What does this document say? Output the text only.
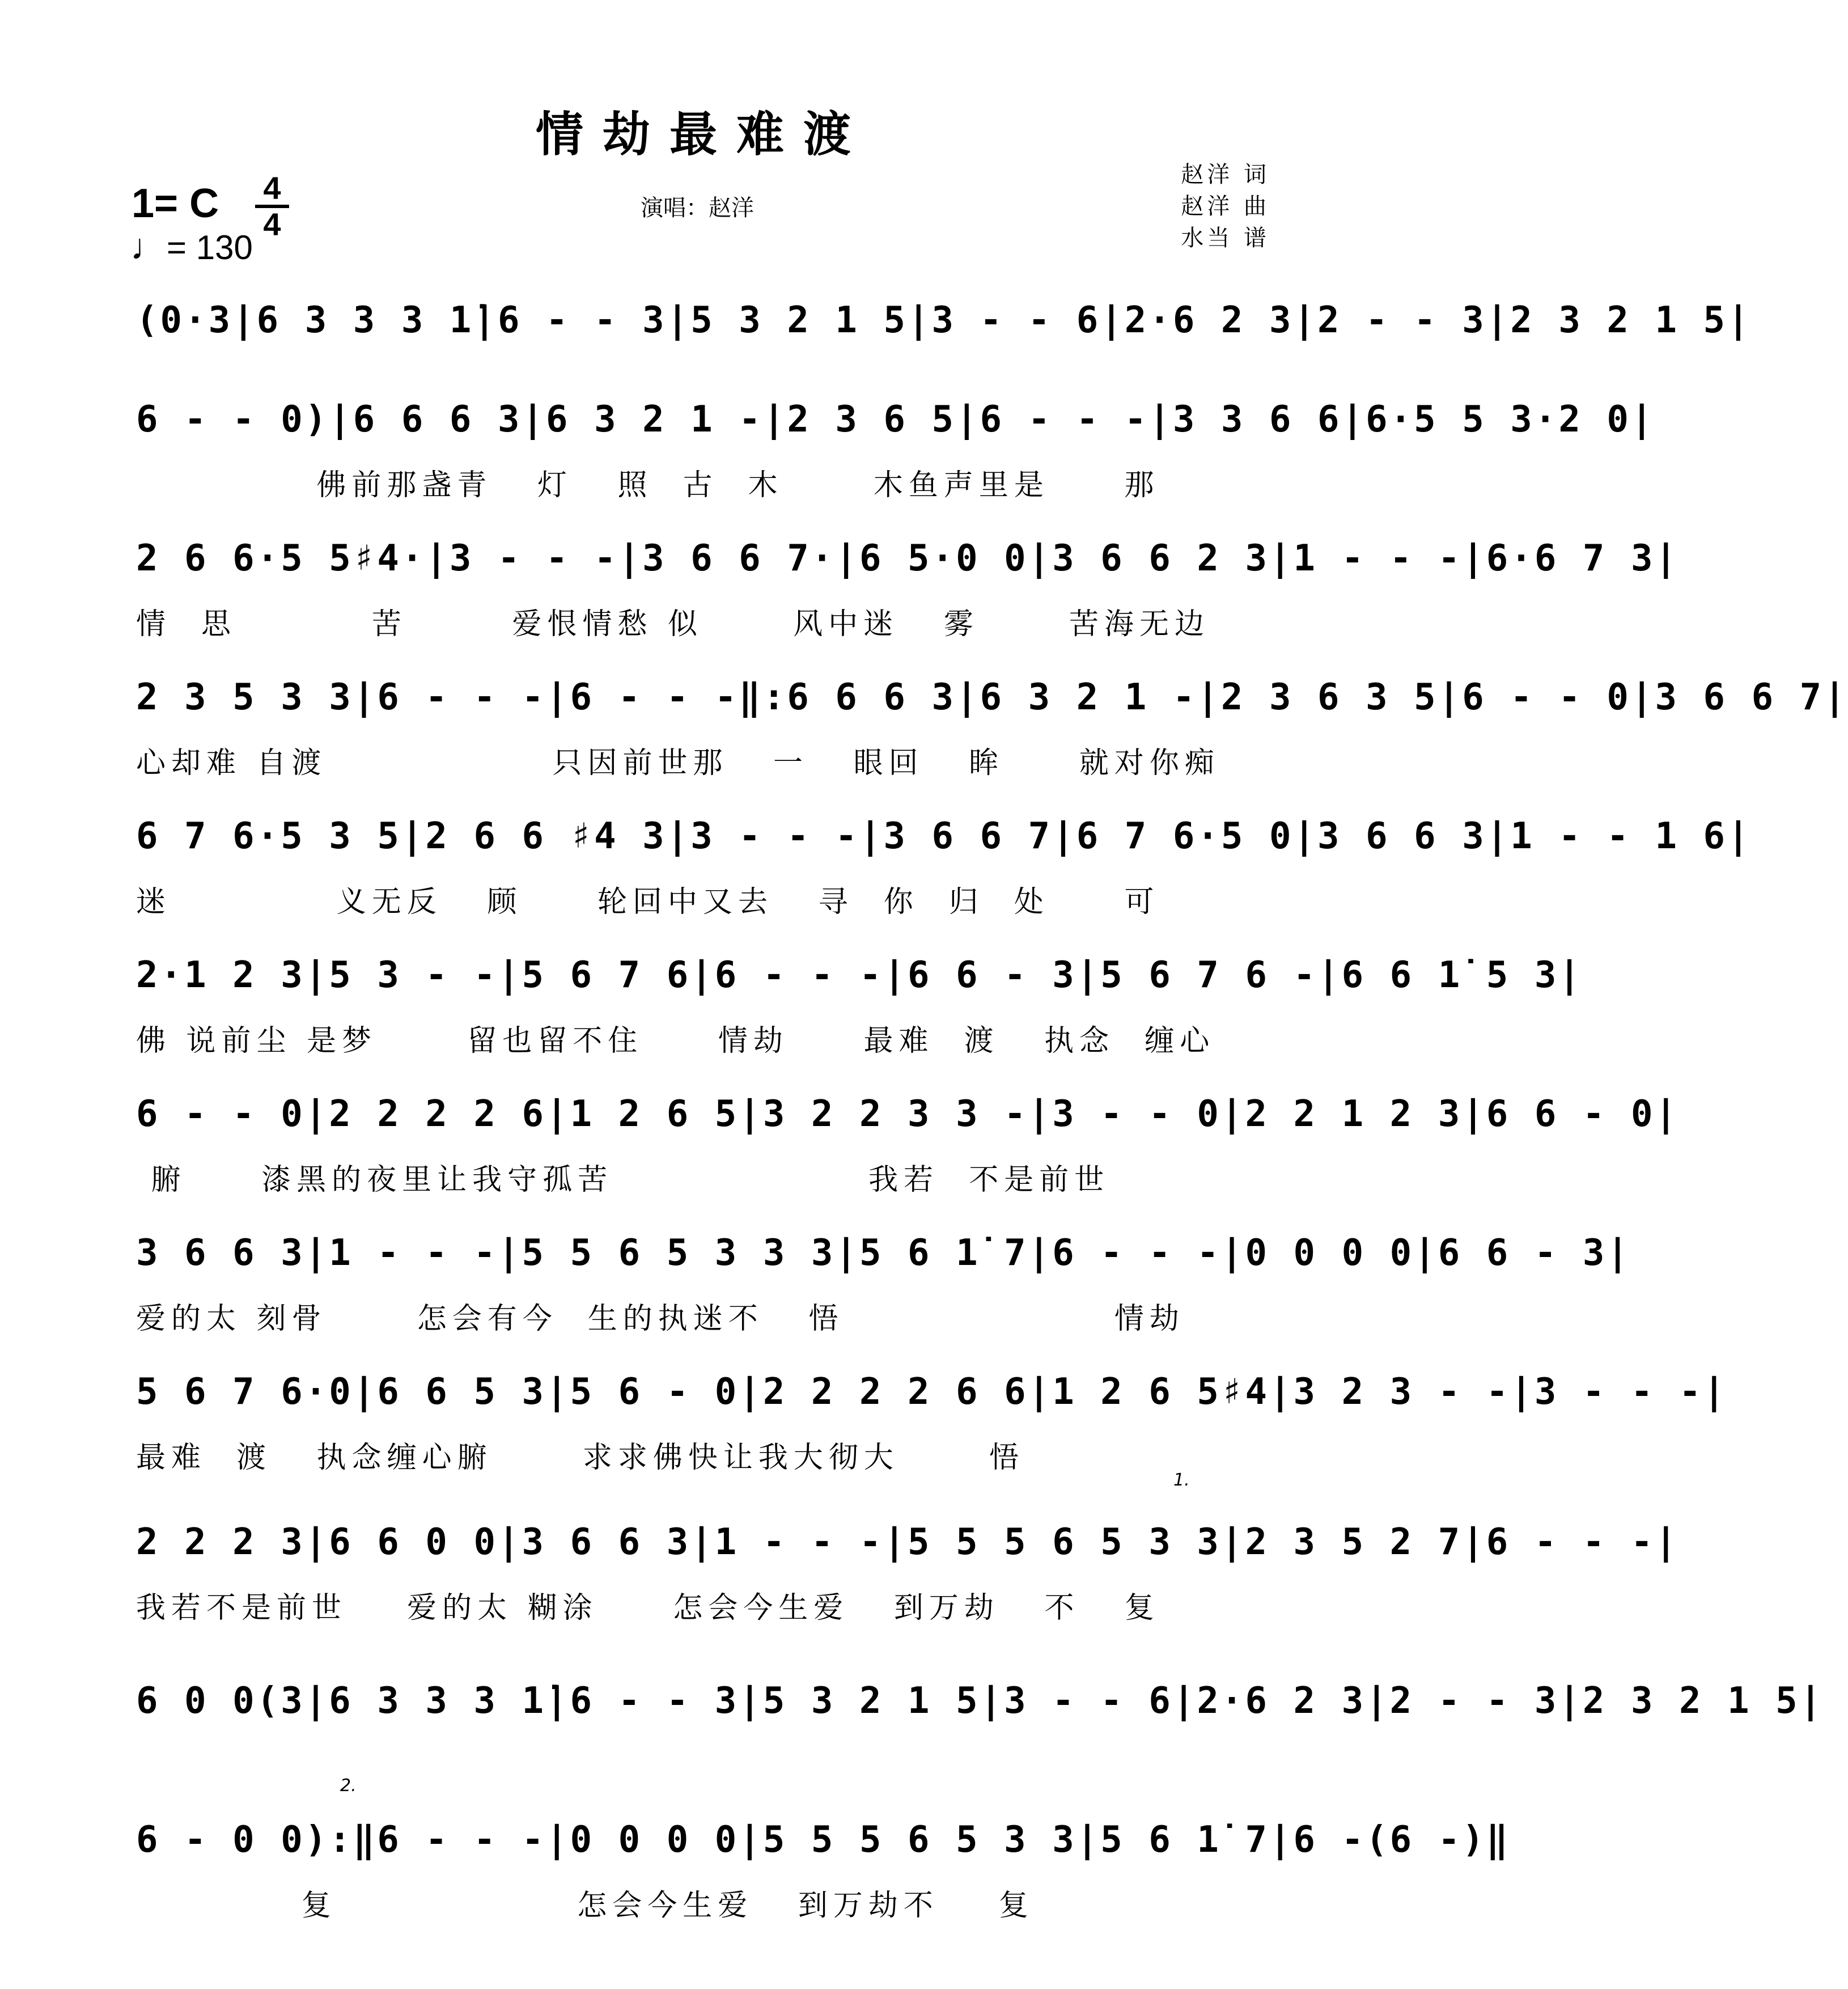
情劫最难渡
1= C 4
4
♩= 130
演唱：赵洋
赵洋 词
赵洋 曲
水当 谱
(0·3|6 3 3 3 1̇|6 - - 3|5 3 2 1 5|3 - - 6|2·6 2 3|2 - - 3|2 3 2 1 5|
6 - - 0)|6 6 6 3|6 3 2 1 -|2 3 6 5|6 - - -|3 3 6 6|6·5 5 3·2 0|
佛前那盏青   灯   照  古  木      木鱼声里是     那
2 6 6·5 5♯4·|3 - - -|3 6 6 7·|6 5·0 0|3 6 6 2 3|1 - - -|6·6 7 3|
情  思         苦       爱恨情愁 似      风中迷   雾      苦海无边
2 3 5 3 3|6 - - -|6 - - -‖:6 6 6 3|6 3 2 1 -|2 3 6 3 5|6 - - 0|3 6 6 7|
心却难 自渡               只因前世那   一   眼回   眸     就对你痴
6 7 6·5 3 5|2 6 6 ♯4 3|3 - - -|3 6 6 7|6 7 6·5 0|3 6 6 3|1 - - 1 6|
迷           义无反   顾     轮回中又去   寻  你  归  处     可
2·1 2 3|5 3 - -|5 6 7 6|6 - - -|6 6 - 3|5 6 7 6 -|6 6 1̇ 5 3|
佛 说前尘 是梦      留也留不住     情劫     最难  渡   执念  缠心
6 - - 0|2 2 2 2 6|1 2 6 5|3 2 2 3 3 -|3 - - 0|2 2 1 2 3|6 6 - 0|
腑     漆黑的夜里让我守孤苦                 我若  不是前世
3 6 6 3|1 - - -|5 5 6 5 3 3 3|5 6 1̇ 7|6 - - -|0 0 0 0|6 6 - 3|
爱的太 刻骨      怎会有今  生的执迷不   悟                  情劫
5 6 7 6·0|6 6 5 3|5 6 - 0|2 2 2 2 6 6|1 2 6 5♯4|3 2 3 - -|3 - - -|
最难  渡   执念缠心腑      求求佛快让我大彻大      悟
2 2 2 3|6 6 0 0|3 6 6 3|1 - - -|5 5 5 6 5 3 3|2 3 5 2 7|6 - - -|
我若不是前世    爱的太 糊涂     怎会今生爱   到万劫   不   复
1.
6 0 0(3|6 3 3 3 1̇|6 - - 3|5 3 2 1 5|3 - - 6|2·6 2 3|2 - - 3|2 3 2 1 5|
6 - 0 0):‖6 - - -|0 0 0 0|5 5 5 6 5 3 3|5 6 1̇ 7|6 -(6 -)‖
复                怎会今生爱   到万劫不    复
2.
